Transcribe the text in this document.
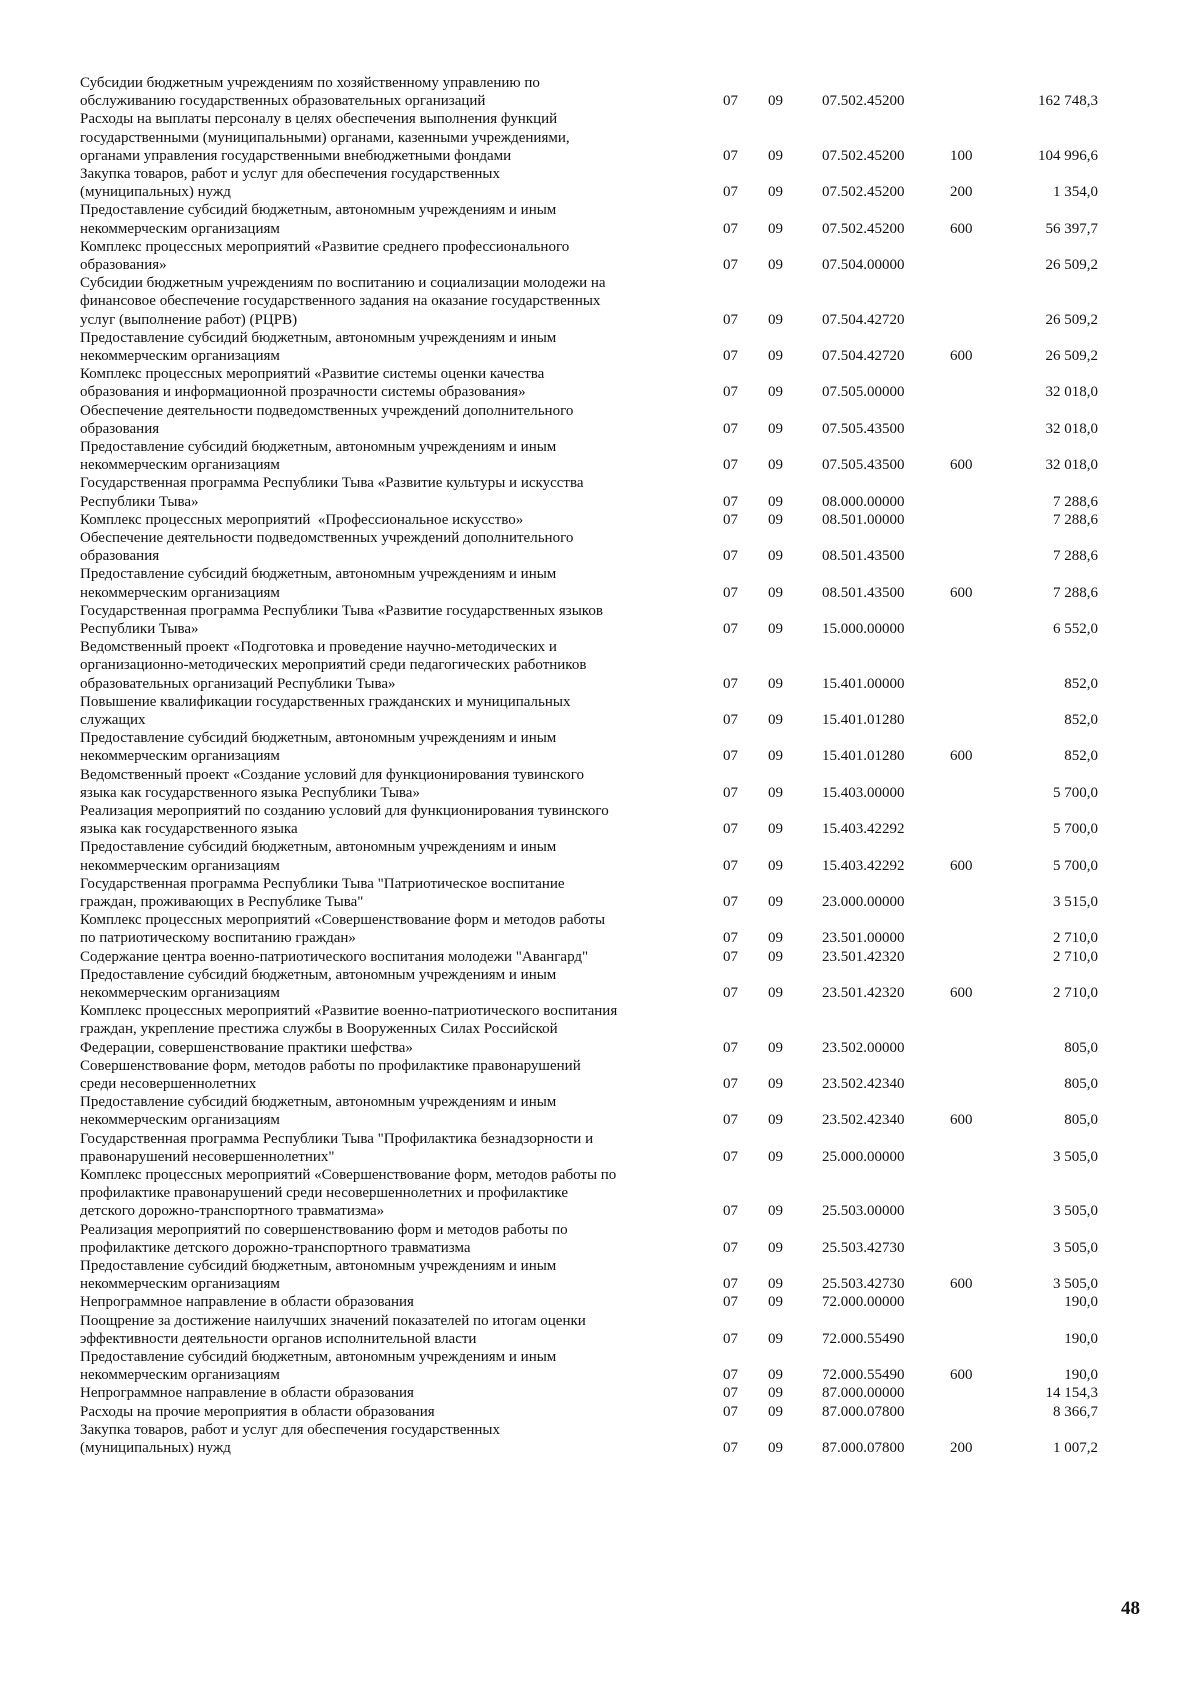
Субсидии бюджетным учреждениям по хозяйственному управлению по
обслуживанию государственных образовательных организаций	07	09	07.502.45200	162 748,3
Расходы на выплаты персоналу в целях обеспечения выполнения функций
государственными (муниципальными) органами, казенными учреждениями,
органами управления государственными внебюджетными фондами	07	09	07.502.45200	100	104 996,6
Закупка товаров, работ и услуг для обеспечения государственных
(муниципальных) нужд	07	09	07.502.45200	200	1 354,0
Предоставление субсидий бюджетным, автономным учреждениям и иным
некоммерческим организациям	07	09	07.502.45200	600	56 397,7
Комплекс процессных мероприятий «Развитие среднего профессионального
образования»	07	09	07.504.00000	26 509,2
Субсидии бюджетным учреждениям по воспитанию и социализации молодежи на
финансовое обеспечение государственного задания на оказание государственных
услуг (выполнение работ) (РЦРВ)	07	09	07.504.42720	26 509,2
Предоставление субсидий бюджетным, автономным учреждениям и иным
некоммерческим организациям	07	09	07.504.42720	600	26 509,2
Комплекс процессных мероприятий «Развитие системы оценки качества
образования и информационной прозрачности системы образования»	07	09	07.505.00000	32 018,0
Обеспечение деятельности подведомственных учреждений дополнительного
образования	07	09	07.505.43500	32 018,0
Предоставление субсидий бюджетным, автономным учреждениям и иным
некоммерческим организациям	07	09	07.505.43500	600	32 018,0
Государственная программа Республики Тыва «Развитие культуры и искусства
Республики Тыва»	07	09	08.000.00000	7 288,6
Комплекс процессных мероприятий  «Профессиональное искусство»	07	09	08.501.00000	7 288,6
Обеспечение деятельности подведомственных учреждений дополнительного
образования	07	09	08.501.43500	7 288,6
Предоставление субсидий бюджетным, автономным учреждениям и иным
некоммерческим организациям	07	09	08.501.43500	600	7 288,6
Государственная программа Республики Тыва «Развитие государственных языков
Республики Тыва»	07	09	15.000.00000	6 552,0
Ведомственный проект «Подготовка и проведение научно-методических и
организационно-методических мероприятий среди педагогических работников
образовательных организаций Республики Тыва»	07	09	15.401.00000	852,0
Повышение квалификации государственных гражданских и муниципальных
служащих	07	09	15.401.01280	852,0
Предоставление субсидий бюджетным, автономным учреждениям и иным
некоммерческим организациям	07	09	15.401.01280	600	852,0
Ведомственный проект «Создание условий для функционирования тувинского
языка как государственного языка Республики Тыва»	07	09	15.403.00000	5 700,0
Реализация мероприятий по созданию условий для функционирования тувинского
языка как государственного языка	07	09	15.403.42292	5 700,0
Предоставление субсидий бюджетным, автономным учреждениям и иным
некоммерческим организациям	07	09	15.403.42292	600	5 700,0
Государственная программа Республики Тыва "Патриотическое воспитание
граждан, проживающих в Республике Тыва"	07	09	23.000.00000	3 515,0
Комплекс процессных мероприятий «Совершенствование форм и методов работы
по патриотическому воспитанию граждан»	07	09	23.501.00000	2 710,0
Содержание центра военно-патриотического воспитания молодежи "Авангард"	07	09	23.501.42320	2 710,0
Предоставление субсидий бюджетным, автономным учреждениям и иным
некоммерческим организациям	07	09	23.501.42320	600	2 710,0
Комплекс процессных мероприятий «Развитие военно-патриотического воспитания
граждан, укрепление престижа службы в Вооруженных Силах Российской
Федерации, совершенствование практики шефства»	07	09	23.502.00000	805,0
Совершенствование форм, методов работы по профилактике правонарушений
среди несовершеннолетних	07	09	23.502.42340	805,0
Предоставление субсидий бюджетным, автономным учреждениям и иным
некоммерческим организациям	07	09	23.502.42340	600	805,0
Государственная программа Республики Тыва "Профилактика безнадзорности и
правонарушений несовершеннолетних"	07	09	25.000.00000	3 505,0
Комплекс процессных мероприятий «Совершенствование форм, методов работы по
профилактике правонарушений среди несовершеннолетних и профилактике
детского дорожно-транспортного травматизма»	07	09	25.503.00000	3 505,0
Реализация мероприятий по совершенствованию форм и методов работы по
профилактике детского дорожно-транспортного травматизма	07	09	25.503.42730	3 505,0
Предоставление субсидий бюджетным, автономным учреждениям и иным
некоммерческим организациям	07	09	25.503.42730	600	3 505,0
Непрограммное направление в области образования	07	09	72.000.00000	190,0
Поощрение за достижение наилучших значений показателей по итогам оценки
эффективности деятельности органов исполнительной власти	07	09	72.000.55490	190,0
Предоставление субсидий бюджетным, автономным учреждениям и иным
некоммерческим организациям	07	09	72.000.55490	600	190,0
Непрограммное направление в области образования	07	09	87.000.00000	14 154,3
Расходы на прочие мероприятия в области образования	07	09	87.000.07800	8 366,7
Закупка товаров, работ и услуг для обеспечения государственных
(муниципальных) нужд	07	09	87.000.07800	200	1 007,2
48
